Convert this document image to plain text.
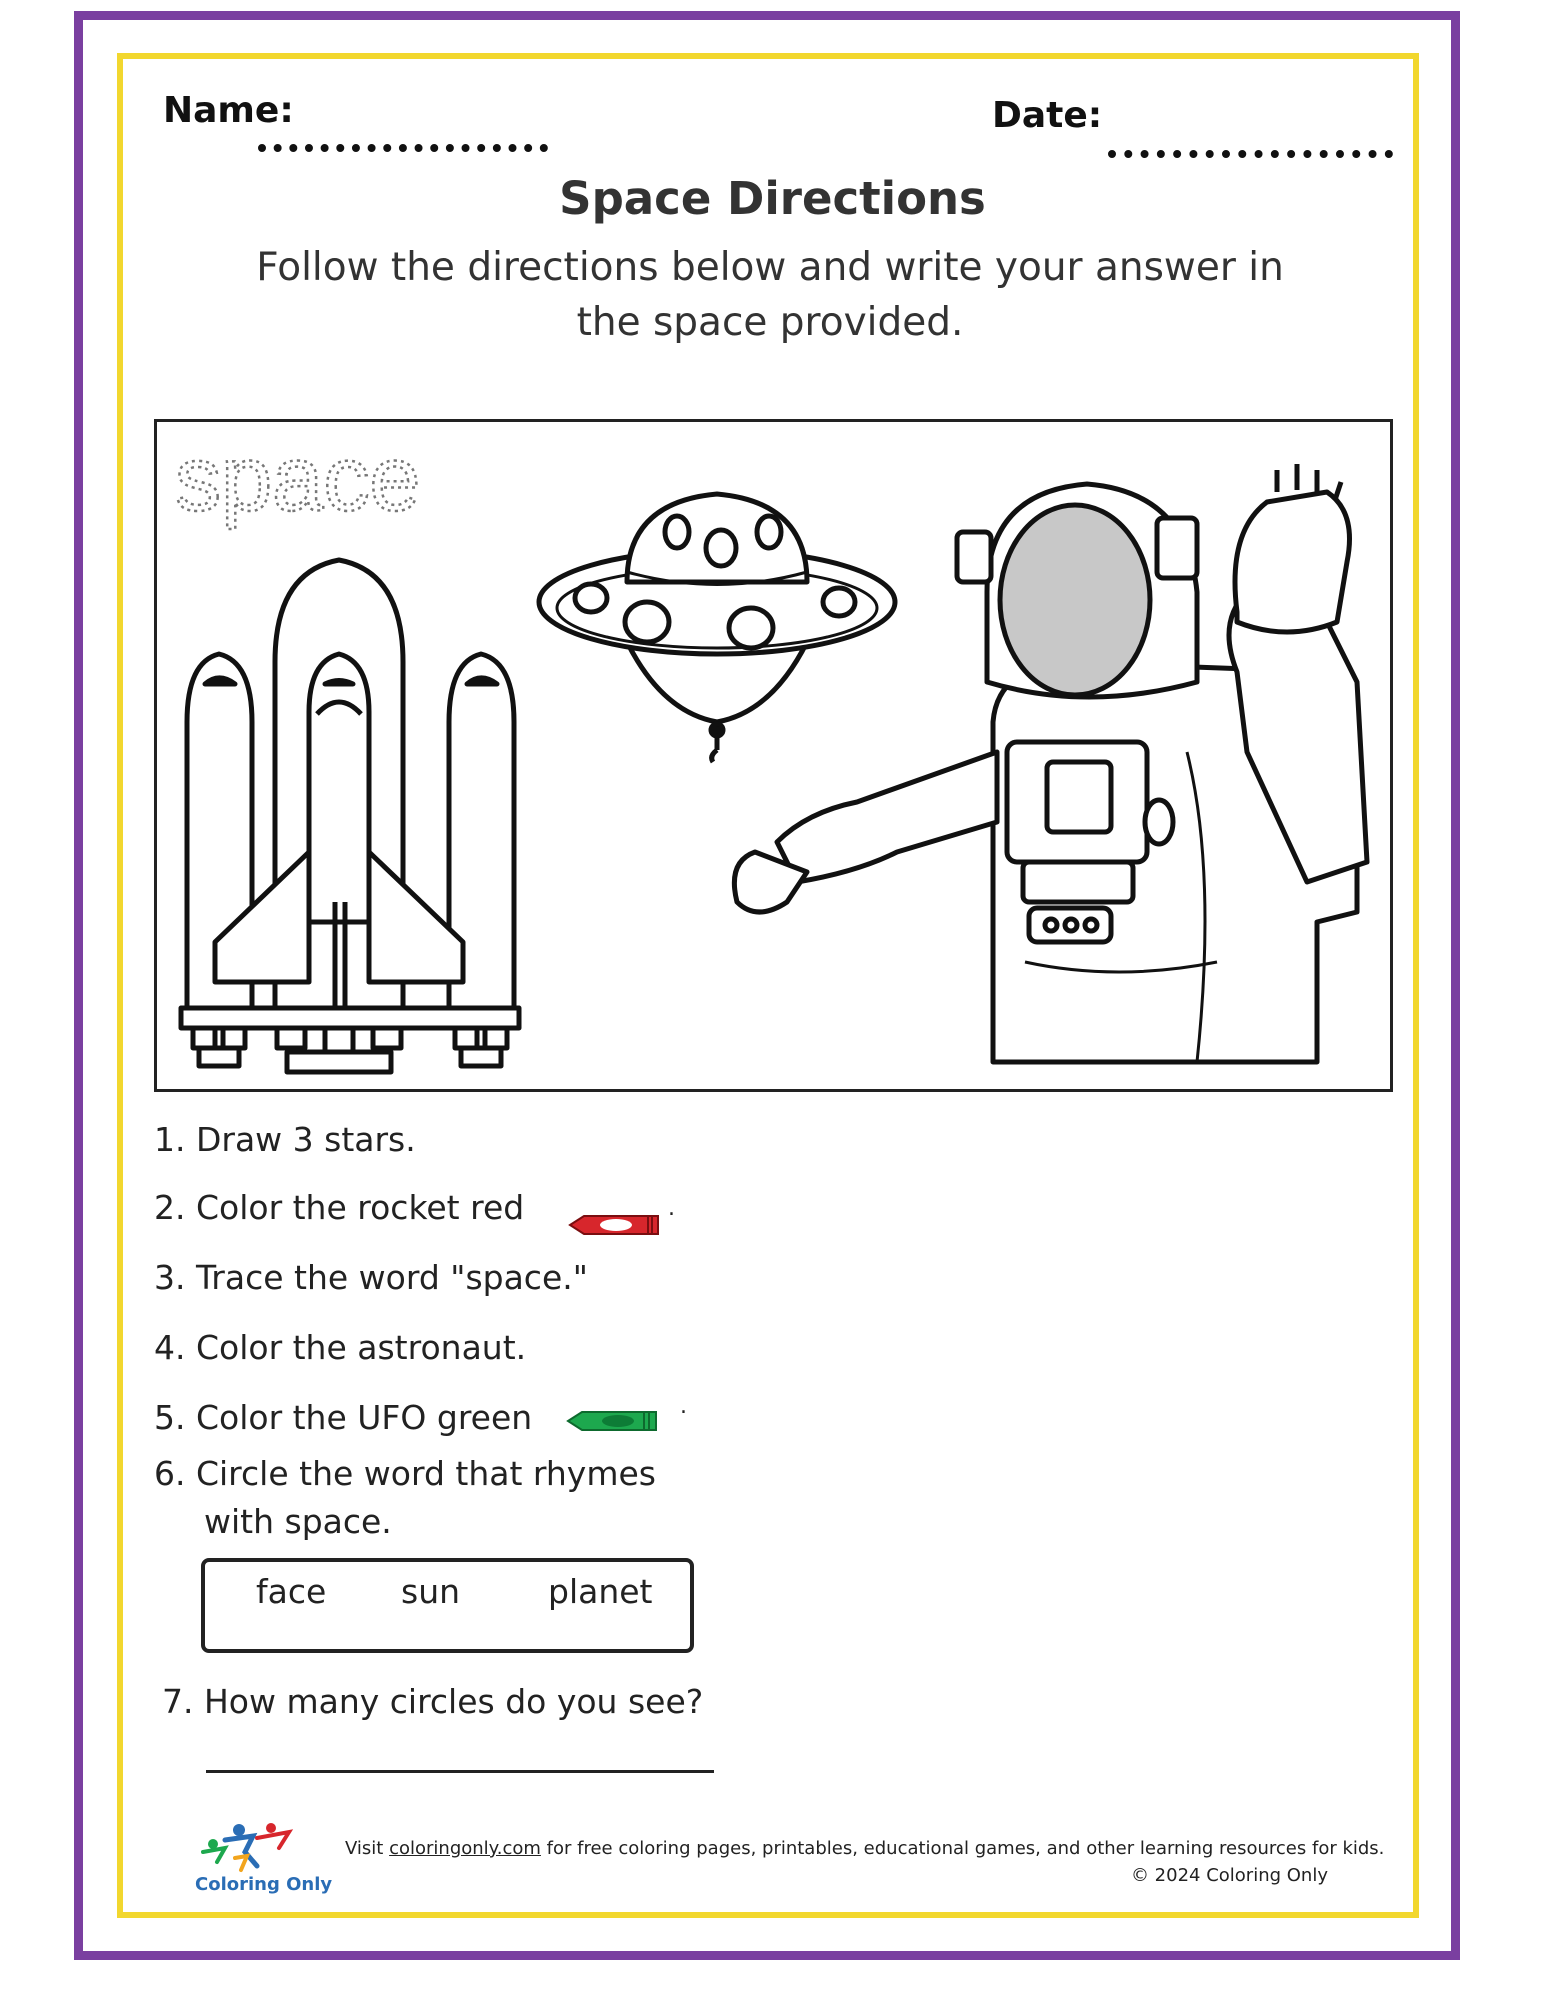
Name:	Date:
Space Directions
Follow the directions below and write your answer in the space provided.
space
1. Draw 3 stars.
2. Color the rocket red	.
3. Trace the word "space."
4. Color the astronaut.
5. Color the UFO green	.
6. Circle the word that rhymes
with space.
face sun	planet
7. How many circles do you see?
Coloring Only
Visit coloringonly.com for free coloring pages, printables, educational games, and other learning resources for kids.
© 2024 Coloring Only
